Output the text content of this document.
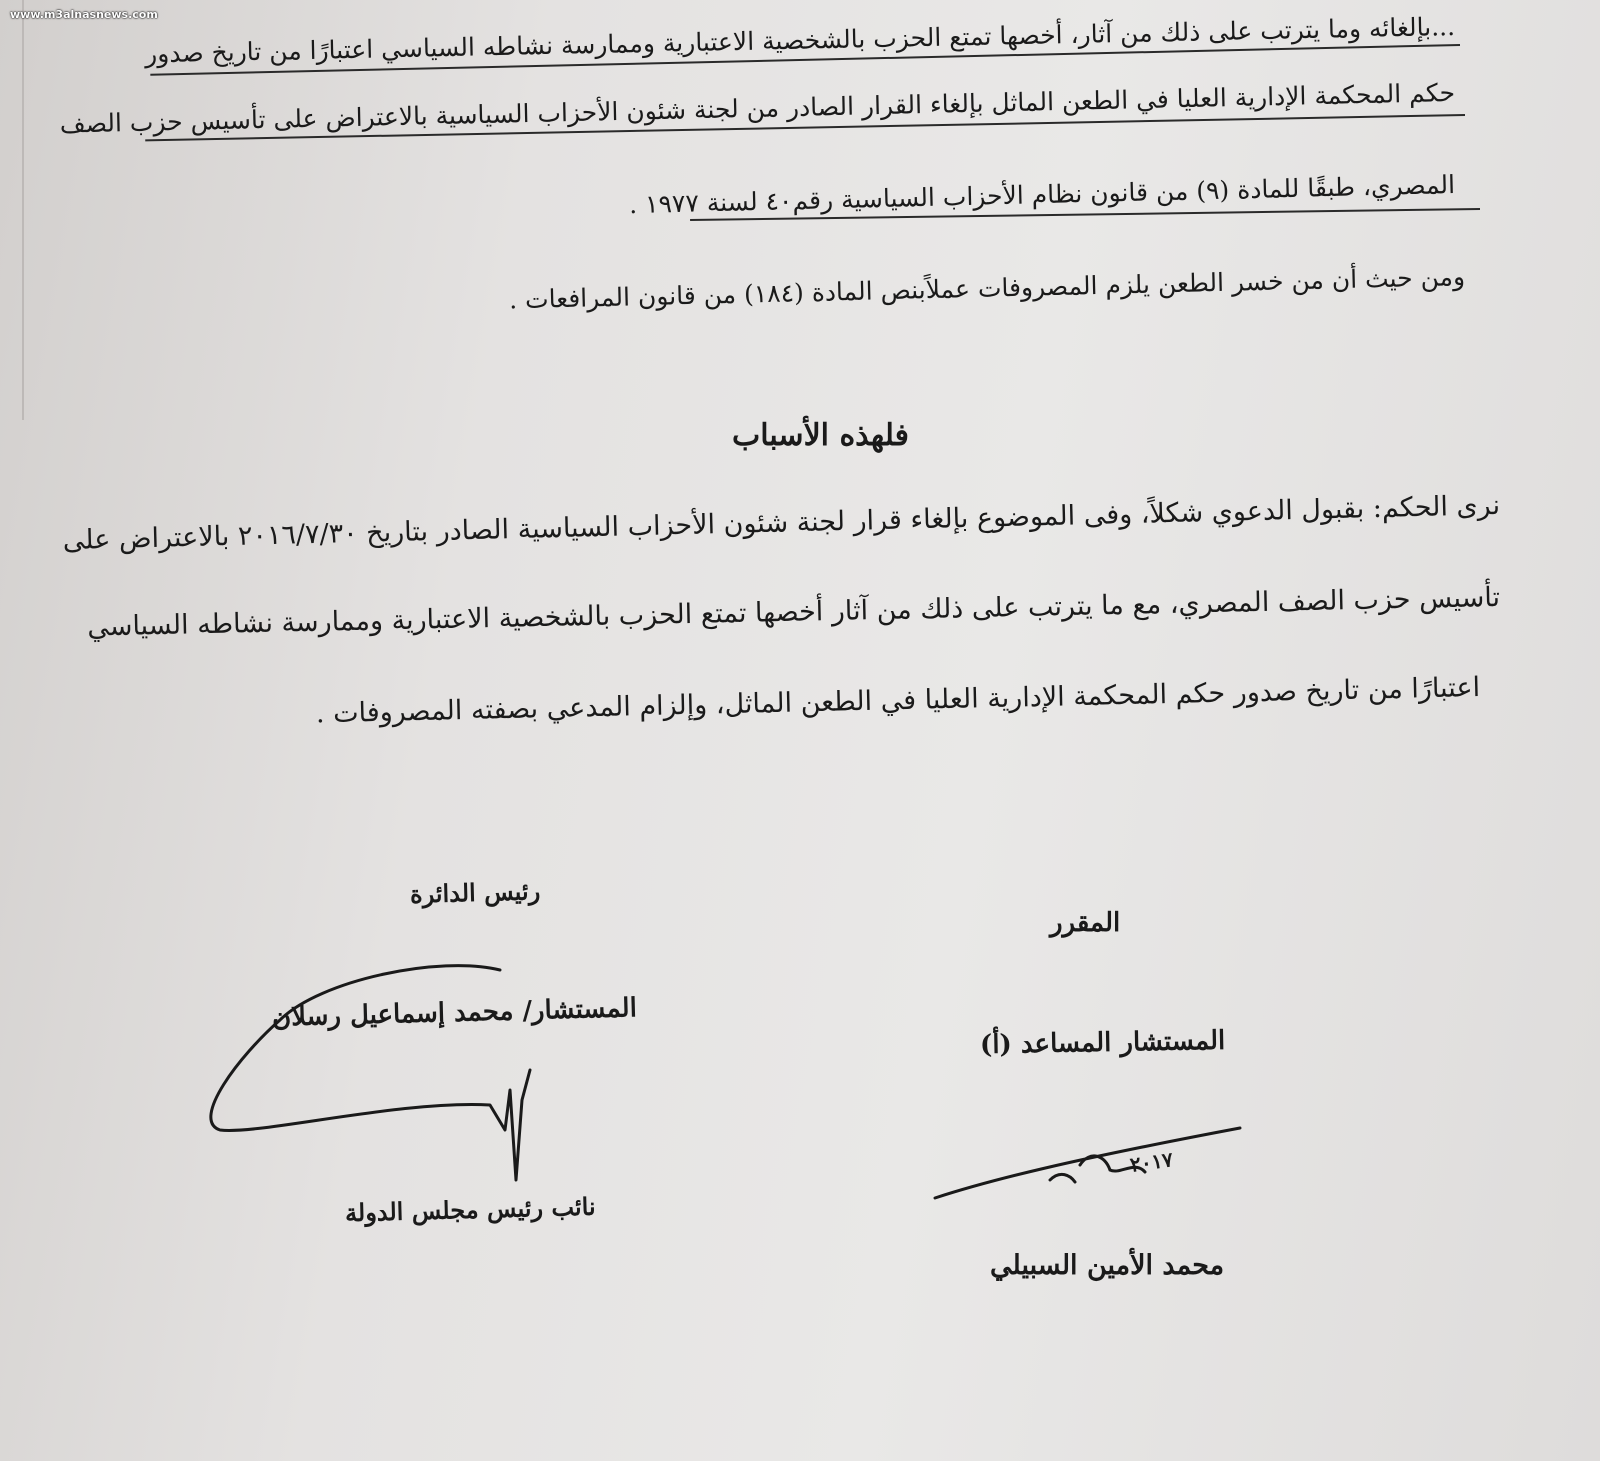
www.m3alnasnews.com
...بإلغائه وما يترتب على ذلك من آثار، أخصها تمتع الحزب بالشخصية الاعتبارية وممارسة نشاطه السياسي اعتبارًا من تاريخ صدور
حكم المحكمة الإدارية العليا في الطعن الماثل بإلغاء القرار الصادر من لجنة شئون الأحزاب السياسية بالاعتراض على تأسيس حزب الصف
المصري، طبقًا للمادة (٩) من قانون نظام الأحزاب السياسية رقم٤٠ لسنة ١٩٧٧ .
ومن حيث أن من خسر الطعن يلزم المصروفات عملاًبنص المادة (١٨٤) من قانون المرافعات .
فلهذه الأسباب
نرى الحكم: بقبول الدعوي شكلاً، وفى الموضوع بإلغاء قرار لجنة شئون الأحزاب السياسية الصادر بتاريخ ٢٠١٦/٧/٣٠ بالاعتراض على
تأسيس حزب الصف المصري، مع ما يترتب على ذلك من آثار أخصها تمتع الحزب بالشخصية الاعتبارية وممارسة نشاطه السياسي
اعتبارًا من تاريخ صدور حكم المحكمة الإدارية العليا في الطعن الماثل، وإلزام المدعي بصفته المصروفات .
رئيس الدائرة
المستشار/ محمد إسماعيل رسلان
نائب رئيس مجلس الدولة
المقرر
المستشار المساعد (أ)
٢٠١٧
محمد الأمين السبيلي
